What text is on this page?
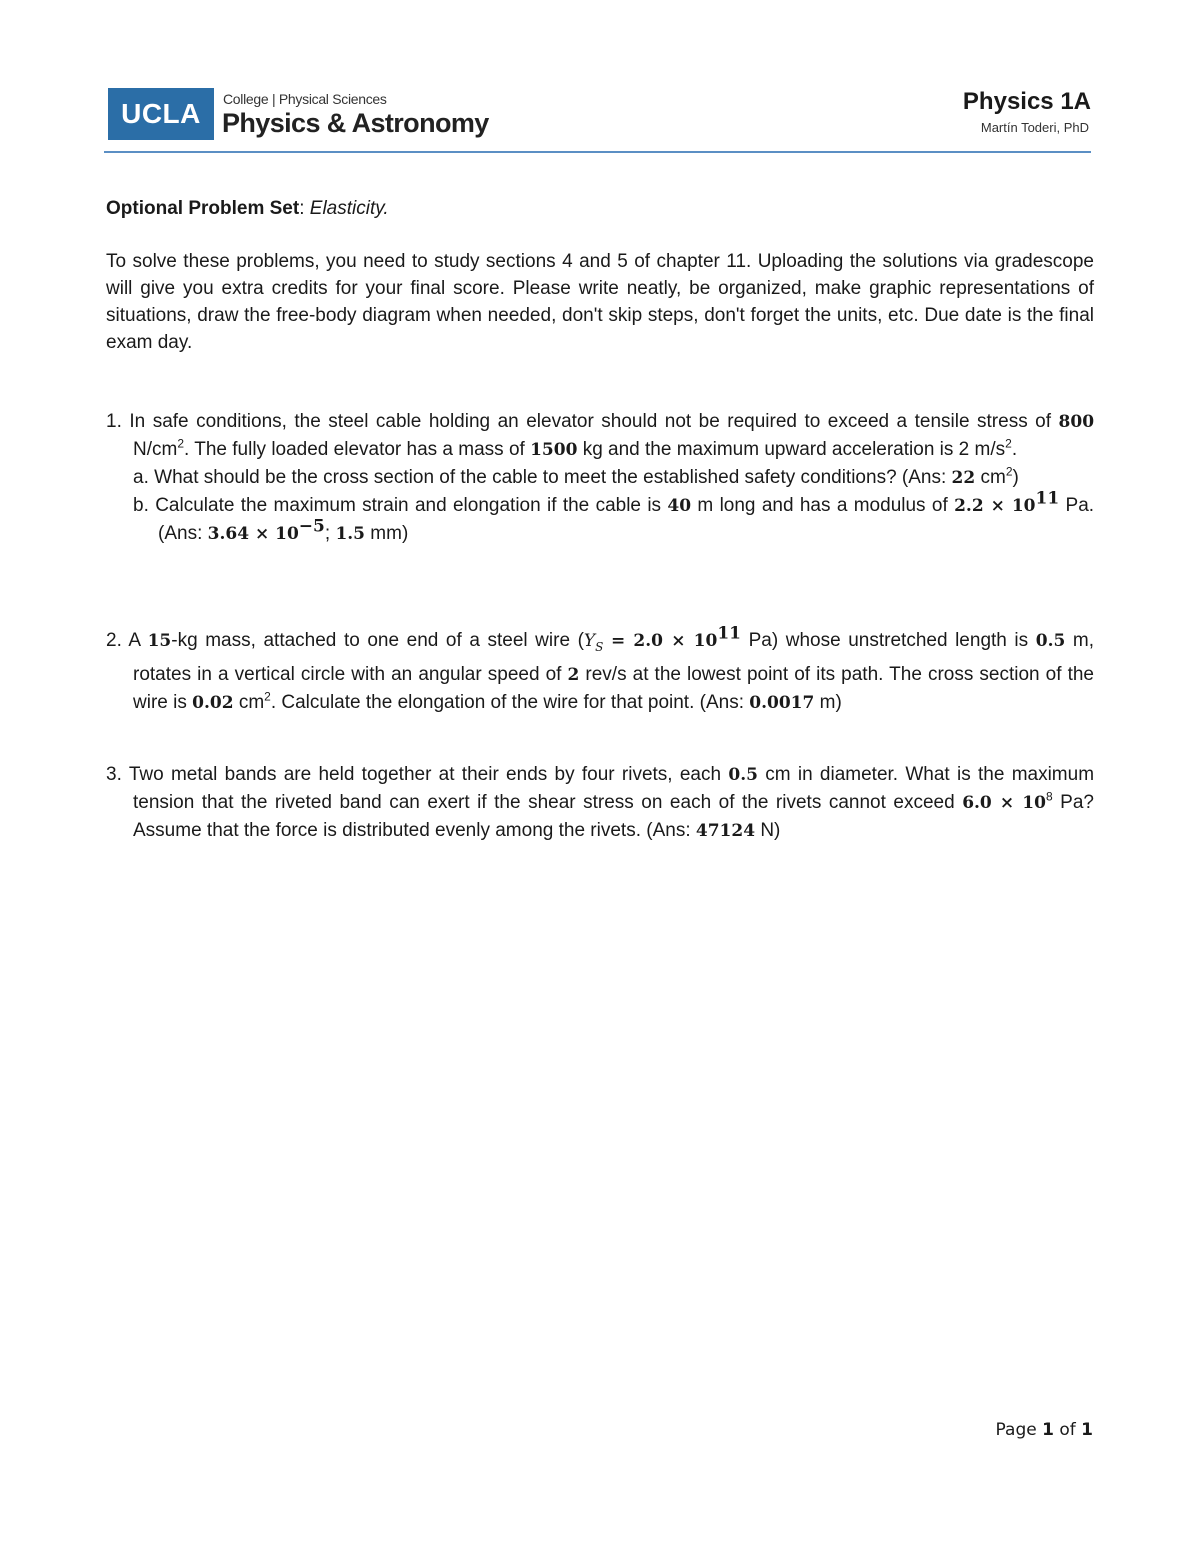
UCLA	College | Physical Sciences
Physics & Astronomy
Physics 1A
Martín Toderi, PhD
Optional Problem Set: Elasticity.
To solve these problems, you need to study sections 4 and 5 of chapter 11. Uploading the solutions via gradescope will give you extra credits for your final score. Please write neatly, be organized, make graphic representations of situations, draw the free-body diagram when needed, don't skip steps, don't forget the units, etc. Due date is the final exam day.
1. In safe conditions, the steel cable holding an elevator should not be required to exceed a tensile stress of 800 $N/cm^2$. The fully loaded elevator has a mass of 1500 kg and the maximum upward acceleration is 2 $m/s^2$.
a. What should be the cross section of the cable to meet the established safety conditions? (Ans: 22 $cm^2$)
b. Calculate the maximum strain and elongation if the cable is 40 m long and has a modulus of $2.2 \times 10^{11}$ Pa. (Ans: $3.64 \times 10^{-5}$; 1.5 mm)
2. A 15-kg mass, attached to one end of a steel wire ($Y_S = 2.0 \times 10^{11}$ Pa) whose unstretched length is 0.5 m, rotates in a vertical circle with an angular speed of 2 rev/s at the lowest point of its path. The cross section of the wire is 0.02 $cm^2$. Calculate the elongation of the wire for that point. (Ans: 0.0017 m)
3. Two metal bands are held together at their ends by four rivets, each 0.5 cm in diameter. What is the maximum tension that the riveted band can exert if the shear stress on each of the rivets cannot exceed $6.0 \times 10^8$ Pa? Assume that the force is distributed evenly among the rivets. (Ans: 47124 N)
Page 1 of 1
